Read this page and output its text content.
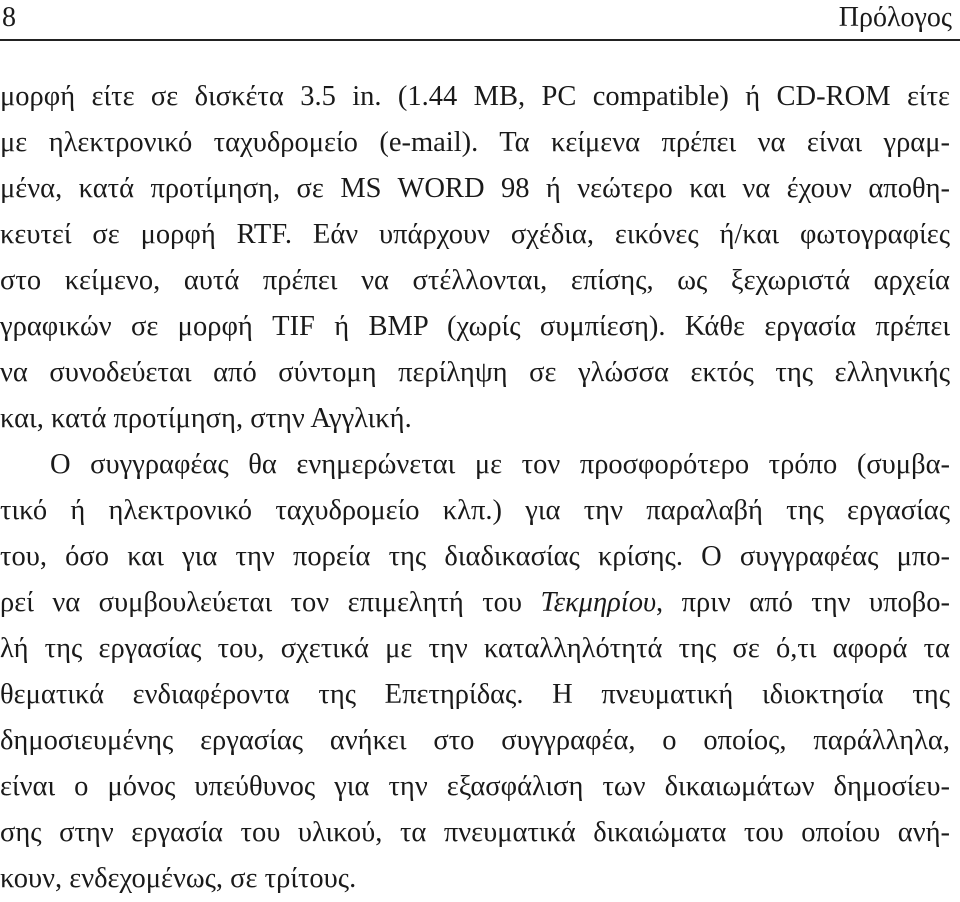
8	Πρόλογος
μορφή είτε σε δισκέτα 3.5 in. (1.44 MB, PC compatible) ή CD-ROM είτε
με ηλεκτρονικό ταχυδρομείο (e-mail). Τα κείμενα πρέπει να είναι γραμ-
μένα, κατά προτίμηση, σε MS WORD 98 ή νεώτερο και να έχουν αποθη-
κευτεί σε μορφή RTF. Εάν υπάρχουν σχέδια, εικόνες ή/και φωτογραφίες
στο κείμενο, αυτά πρέπει να στέλλονται, επίσης, ως ξεχωριστά αρχεία
γραφικών σε μορφή TIF ή BMP (χωρίς συμπίεση). Κάθε εργασία πρέπει
να συνοδεύεται από σύντομη περίληψη σε γλώσσα εκτός της ελληνικής
και, κατά προτίμηση, στην Αγγλική.
Ο συγγραφέας θα ενημερώνεται με τον προσφορότερο τρόπο (συμβα-
τικό ή ηλεκτρονικό ταχυδρομείο κλπ.) για την παραλαβή της εργασίας
του, όσο και για την πορεία της διαδικασίας κρίσης. Ο συγγραφέας μπο-
ρεί να συμβουλεύεται τον επιμελητή του Τεκμηρίου, πριν από την υποβο-
λή της εργασίας του, σχετικά με την καταλληλότητά της σε ό,τι αφορά τα
θεματικά ενδιαφέροντα της Επετηρίδας. Η πνευματική ιδιοκτησία της
δημοσιευμένης εργασίας ανήκει στο συγγραφέα, ο οποίος, παράλληλα,
είναι ο μόνος υπεύθυνος για την εξασφάλιση των δικαιωμάτων δημοσίευ-
σης στην εργασία του υλικού, τα πνευματικά δικαιώματα του οποίου ανή-
κουν, ενδεχομένως, σε τρίτους.
